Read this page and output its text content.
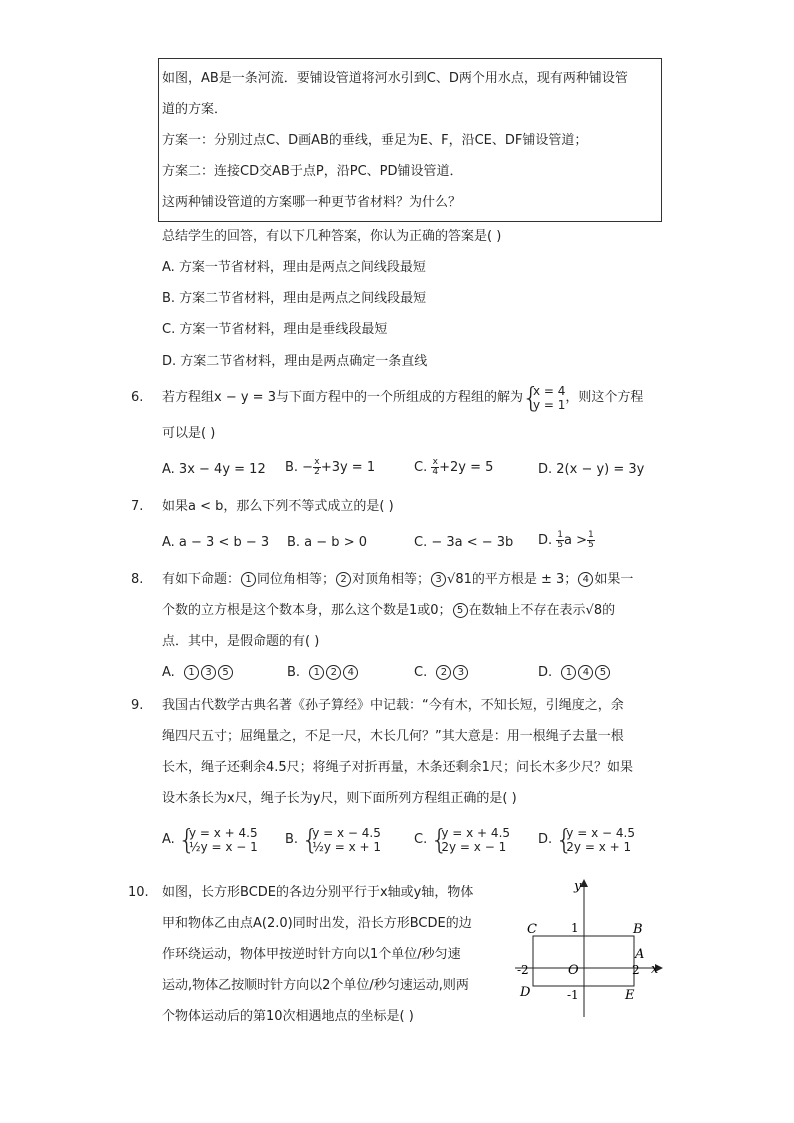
如图，AB是一条河流．要铺设管道将河水引到C、D两个用水点，现有两种铺设管
道的方案．
方案一：分别过点C、D画AB的垂线，垂足为E、F，沿CE、DF铺设管道；
方案二：连接CD交AB于点P，沿PC、PD铺设管道．
这两种铺设管道的方案哪一种更节省材料？为什么？
总结学生的回答，有以下几种答案，你认为正确的答案是( )
A. 方案一节省材料，理由是两点之间线段最短
B. 方案二节省材料，理由是两点之间线段最短
C. 方案一节省材料，理由是垂线段最短
D. 方案二节省材料，理由是两点确定一条直线
6. 若方程组x − y = 3与下面方程中的一个所组成的方程组的解为 { x = 4
y = 1 ，则这个方程
可以是( )
A. 3x − 4y = 12 B. − $\frac{x}{2} +3y = 1$	C. $\frac{x}{4} +2y = 5$	D. 2(x − y) = 3y
7. 如果a < b，那么下列不等式成立的是( )
A. a − 3 < b − 3 B. a − b > 0	C. − 3a < − 3b D. $\frac{1}{5}$ $a > \frac{1}{5}$
8. 有如下命题： 1 同位角相等； 2 对顶角相等； 3 √81的平方根是 ± 3； 4 如果一
个数的立方根是这个数本身，那么这个数是1或0； 5 在数轴上不存在表示√8的
点．其中，是假命题的有( )
A. 1 3 5	B. 1 2 4	C. 2 3	D. 1 4 5
9. 我国古代数学古典名著《孙子算经》中记载：“今有木，不知长短，引绳度之，余
绳四尺五寸；屈绳量之，不足一尺，木长几何？”其大意是：用一根绳子去量一根
长木，绳子还剩余4.5尺；将绳子对折再量，木条还剩余1尺；问长木多少尺？如果
设木条长为x尺，绳子长为y尺，则下面所列方程组正确的是( )
A. { y = x + 4.5
½y = x − 1 B. { y = x − 4.5
½y = x + 1	C. { y = x + 4.5
2y = x − 1 D. { y = x − 4.5
2y = x + 1
10. 如图，长方形BCDE的各边分别平行于x轴或y轴，物体
甲和物体乙由点A(2.0)同时出发，沿长方形BCDE的边
作环绕运动，物体甲按逆时针方向以1个单位/秒匀速
运动,物体乙按顺时针方向以2个单位/秒匀速运动,则两
个物体运动后的第10次相遇地点的坐标是( )
y
x
C	B
A
D	E
O
1
-1
2
-2
